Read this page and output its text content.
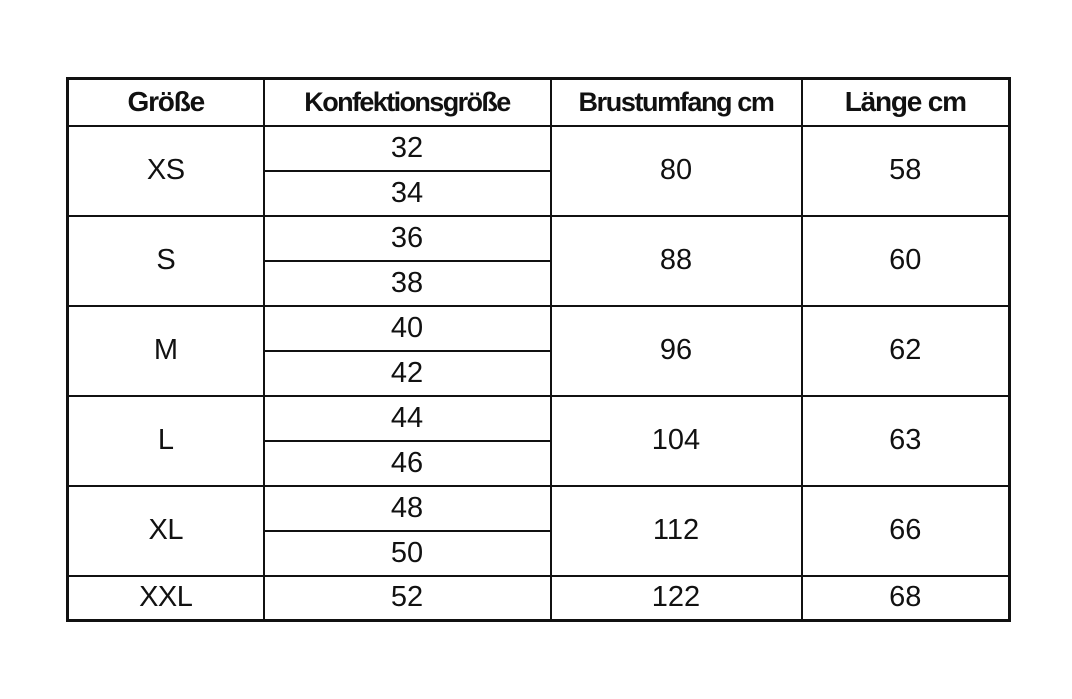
Größe	Konfektionsgröße	Brustumfang cm	Länge cm
XS	32	80	58
	34		
S	36	88	60
	38		
M	40	96	62
	42		
L	44	104	63
	46		
XL	48	112	66
	50		
XXL	52	122	68
